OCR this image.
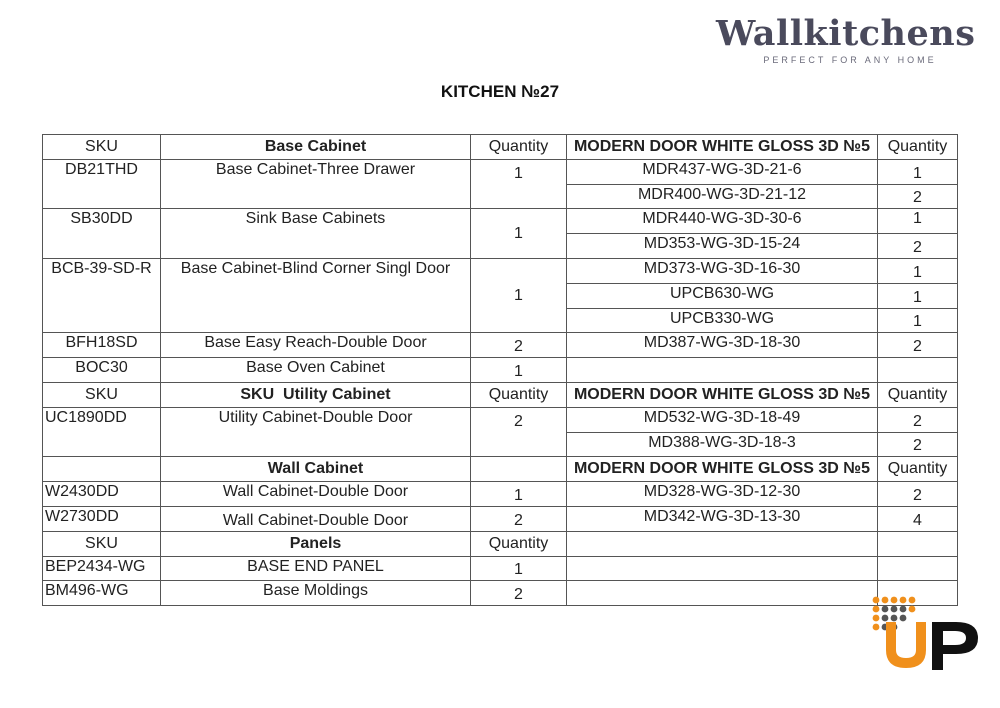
Wallkitchens
PERFECT FOR ANY HOME
KITCHEN №27
SKU	Base Cabinet	Quantity	MODERN DOOR WHITE GLOSS 3D №5	Quantity
DB21THD	Base Cabinet-Three Drawer	1	MDR437-WG-3D-21-6	1
			MDR400-WG-3D-21-12	2
SB30DD	Sink Base Cabinets	1	MDR440-WG-3D-30-6	1

			MD353-WG-3D-15-24	2
BCB-39-SD-R	Base Cabinet-Blind Corner Singl Door	1	MD373-WG-3D-16-30	1
			UPCB630-WG	1
			UPCB330-WG	1
BFH18SD	Base Easy Reach-Double Door	2	MD387-WG-3D-18-30	2
BOC30	Base Oven Cabinet	1		
SKU	SKU Utility Cabinet	Quantity	MODERN DOOR WHITE GLOSS 3D №5	Quantity
UC1890DD	Utility Cabinet-Double Door	2	MD532-WG-3D-18-49	2
			MD388-WG-3D-18-3	2
	Wall Cabinet		MODERN DOOR WHITE GLOSS 3D №5	Quantity
W2430DD	Wall Cabinet-Double Door	1	MD328-WG-3D-12-30	2
W2730DD	Wall Cabinet-Double Door	2	MD342-WG-3D-13-30	4
SKU	Panels	Quantity		
BEP2434-WG	BASE END PANEL	1		
BM496-WG	Base Moldings	2			UP
